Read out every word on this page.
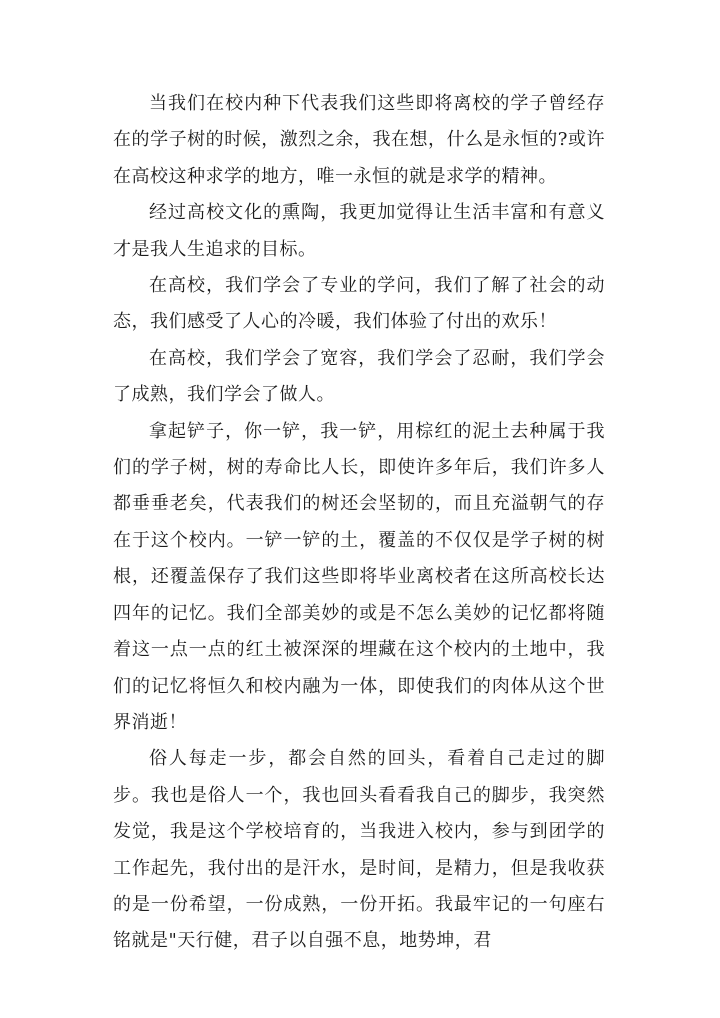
当我们在校内种下代表我们这些即将离校的学子曾经存在的学子树的时候，激烈之余，我在想，什么是永恒的?或许在高校这种求学的地方，唯一永恒的就是求学的精神。

经过高校文化的熏陶，我更加觉得让生活丰富和有意义才是我人生追求的目标。

在高校，我们学会了专业的学问，我们了解了社会的动态，我们感受了人心的冷暖，我们体验了付出的欢乐！

在高校，我们学会了宽容，我们学会了忍耐，我们学会了成熟，我们学会了做人。

拿起铲子，你一铲，我一铲，用棕红的泥土去种属于我们的学子树，树的寿命比人长，即使许多年后，我们许多人都垂垂老矣，代表我们的树还会坚韧的，而且充溢朝气的存在于这个校内。一铲一铲的土，覆盖的不仅仅是学子树的树根，还覆盖保存了我们这些即将毕业离校者在这所高校长达四年的记忆。我们全部美妙的或是不怎么美妙的记忆都将随着这一点一点的红土被深深的埋藏在这个校内的土地中，我们的记忆将恒久和校内融为一体，即使我们的肉体从这个世界消逝！

俗人每走一步，都会自然的回头，看着自己走过的脚步。我也是俗人一个，我也回头看看我自己的脚步，我突然发觉，我是这个学校培育的，当我进入校内，参与到团学的工作起先，我付出的是汗水，是时间，是精力，但是我收获的是一份希望，一份成熟，一份开拓。我最牢记的一句座右铭就是"天行健，君子以自强不息，地势坤，君
